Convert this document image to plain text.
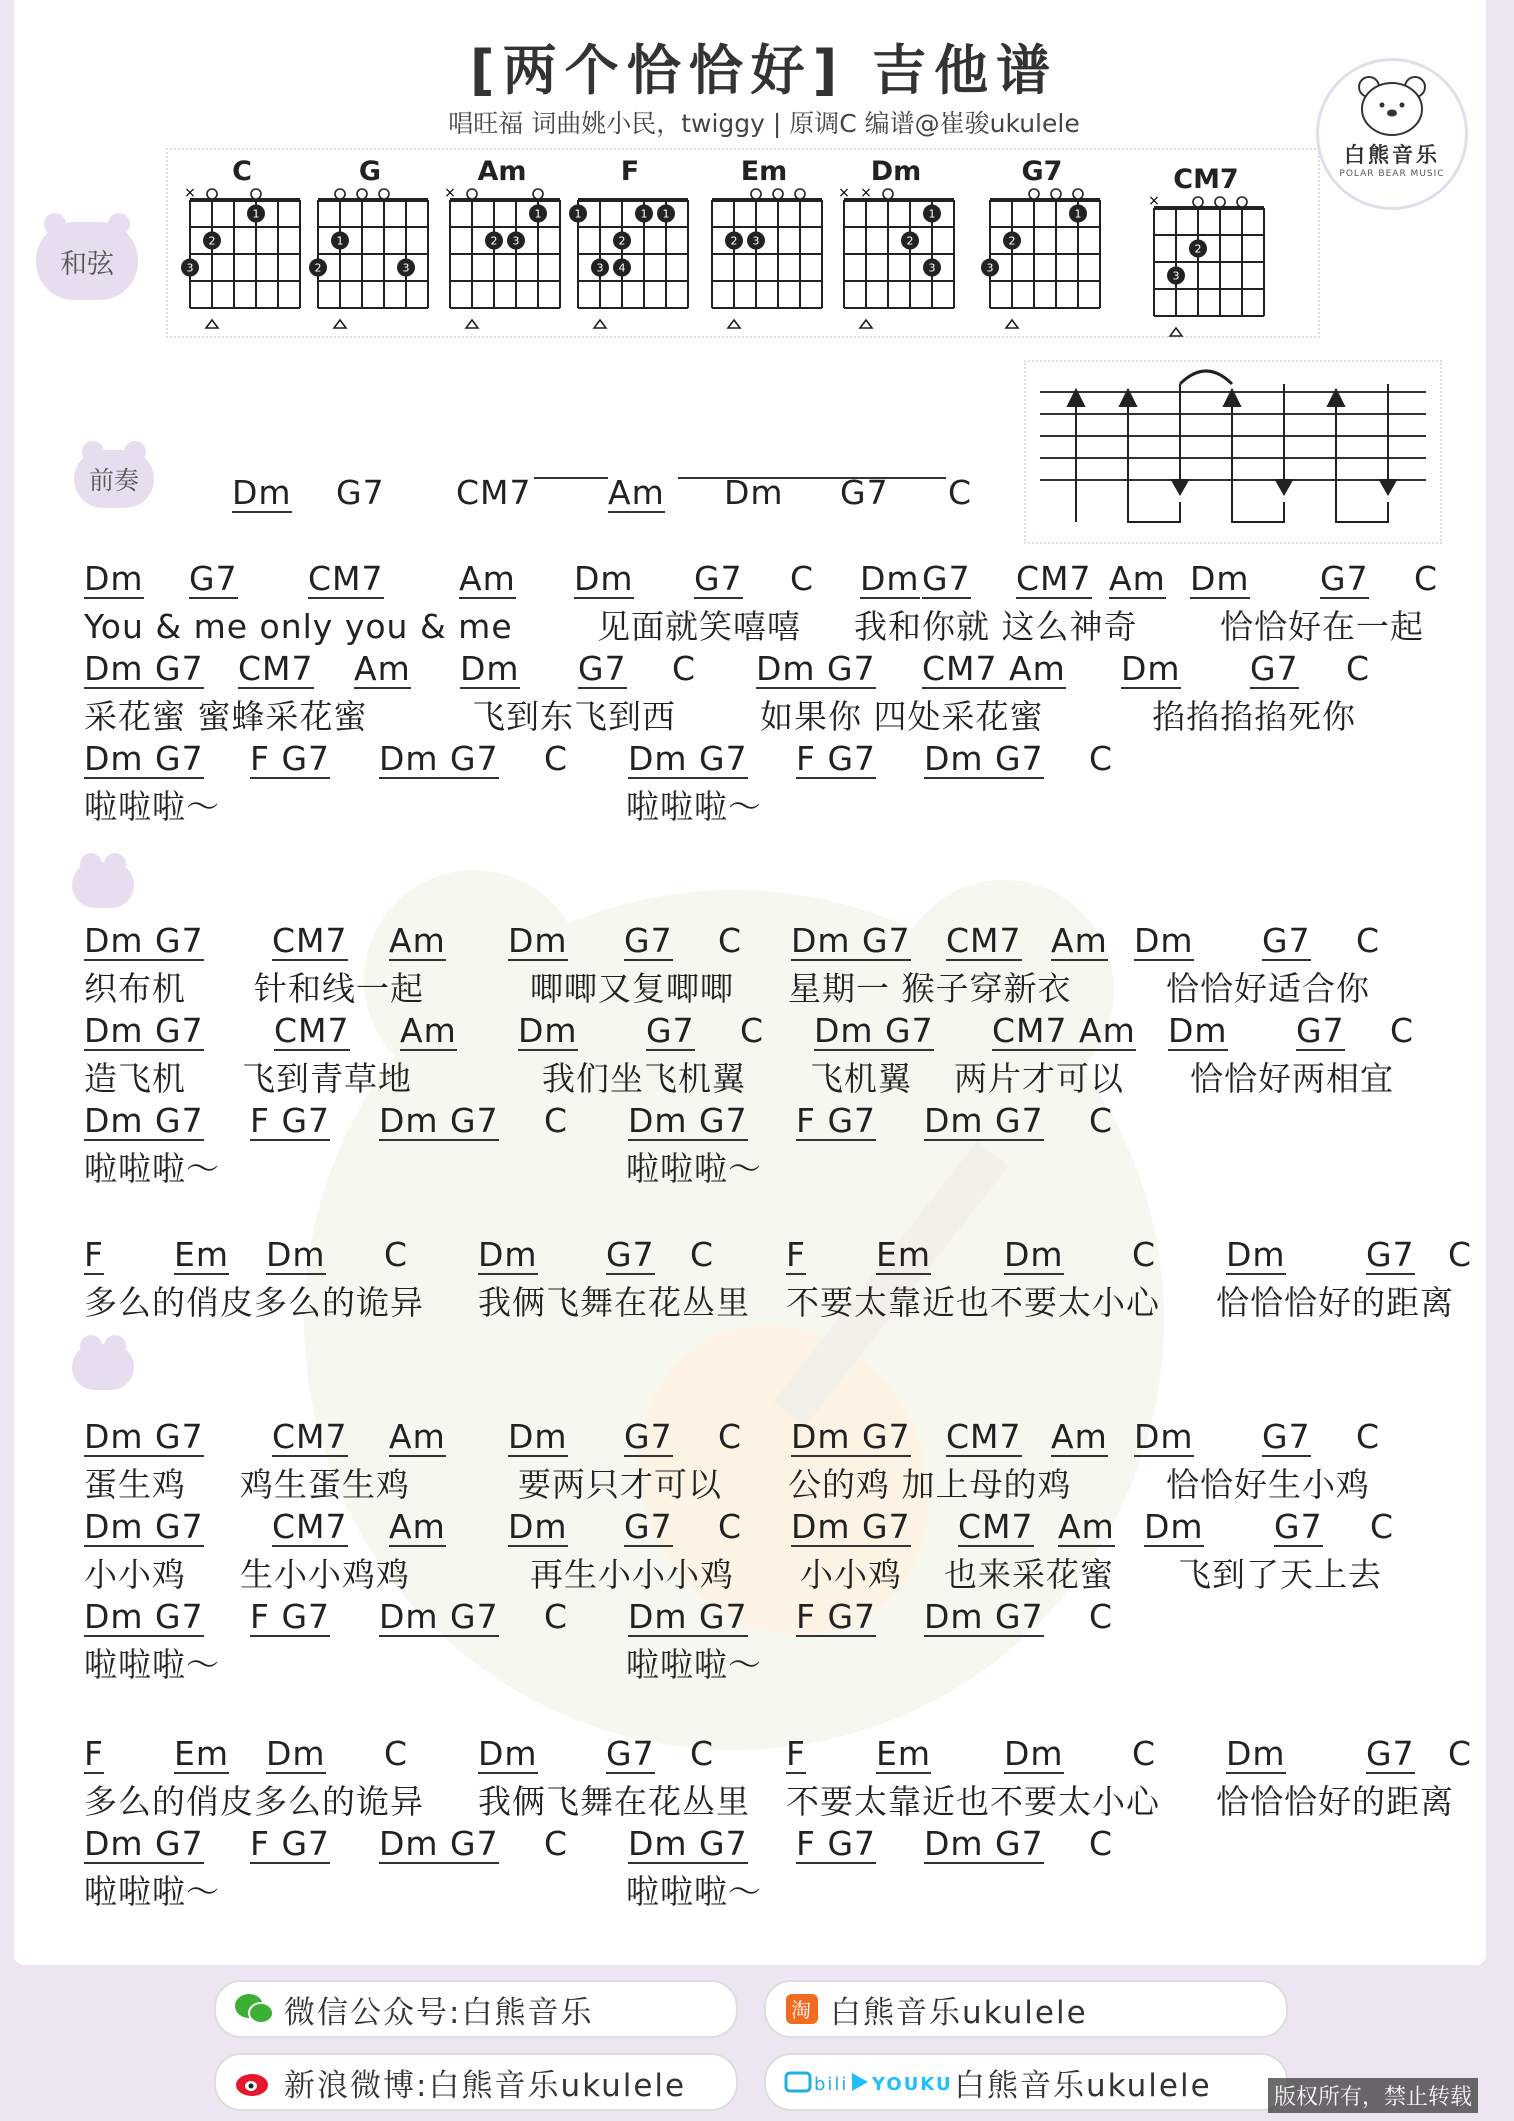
[两个恰恰好] 吉他谱
唱旺福 词曲姚小民，twiggy | 原调C 编谱@崔骏ukulele
白熊音乐
POLAR BEAR MUSIC
和弦
C
×
1
2
3
G
1
2	3
Am
×
1
2 3
F
1	1 1
2
3 4
Em
2 3
Dm
× ×
1
2
3
G7
1
2
3
CM7
×
2
3
前奏	Dm G7 CM7 Am Dm G7 C
Dm G7 CM7 Am Dm G7 C Dm G7 CM7 Am Dm G7 C
You & me only you & me	见面就笑嘻嘻 我和你就 这么神奇	恰恰好在一起
Dm G7 CM7 Am Dm G7 C Dm G7 CM7 Am Dm G7 C
采花蜜 蜜蜂采花蜜	飞到东飞到西	如果你 四处采花蜜	掐掐掐掐死你
Dm G7 F G7 Dm G7 C Dm G7 F G7 Dm G7 C
啦啦啦～	啦啦啦～
Dm G7 CM7 Am Dm G7 C Dm G7 CM7 Am Dm G7 C
织布机 针和线一起	唧唧又复唧唧 星期一 猴子穿新衣	恰恰好适合你
Dm G7 CM7 Am Dm G7 C Dm G7 CM7 Am Dm G7 C
造飞机 飞到青草地	我们坐飞机翼 飞机翼 两片才可以 恰恰好两相宜
Dm G7 F G7 Dm G7 C Dm G7 F G7 Dm G7 C
啦啦啦～	啦啦啦～
F Em Dm C Dm G7 C F Em Dm C Dm G7 C
多么的俏皮多么的诡异 我俩飞舞在花丛里 不要太靠近也不要太小心 恰恰恰好的距离
Dm G7 CM7 Am Dm G7 C Dm G7 CM7 Am Dm G7 C
蛋生鸡 鸡生蛋生鸡	要两只才可以 公的鸡 加上母的鸡	恰恰好生小鸡
Dm G7 CM7 Am Dm G7 C Dm G7 CM7 Am Dm G7 C
小小鸡 生小小鸡鸡	再生小小小鸡 小小鸡 也来采花蜜 飞到了天上去
Dm G7 F G7 Dm G7 C Dm G7 F G7 Dm G7 C
啦啦啦～	啦啦啦～
F Em Dm C Dm G7 C F Em Dm C Dm G7 C
多么的俏皮多么的诡异 我俩飞舞在花丛里 不要太靠近也不要太小心 恰恰恰好的距离
Dm G7 F G7 Dm G7 C Dm G7 F G7 Dm G7 C
啦啦啦～	啦啦啦～
微信公众号:白熊音乐	淘 白熊音乐ukulele
新浪微博:白熊音乐ukulele	bili YOUKU 白熊音乐ukulele	版权所有，禁止转载
